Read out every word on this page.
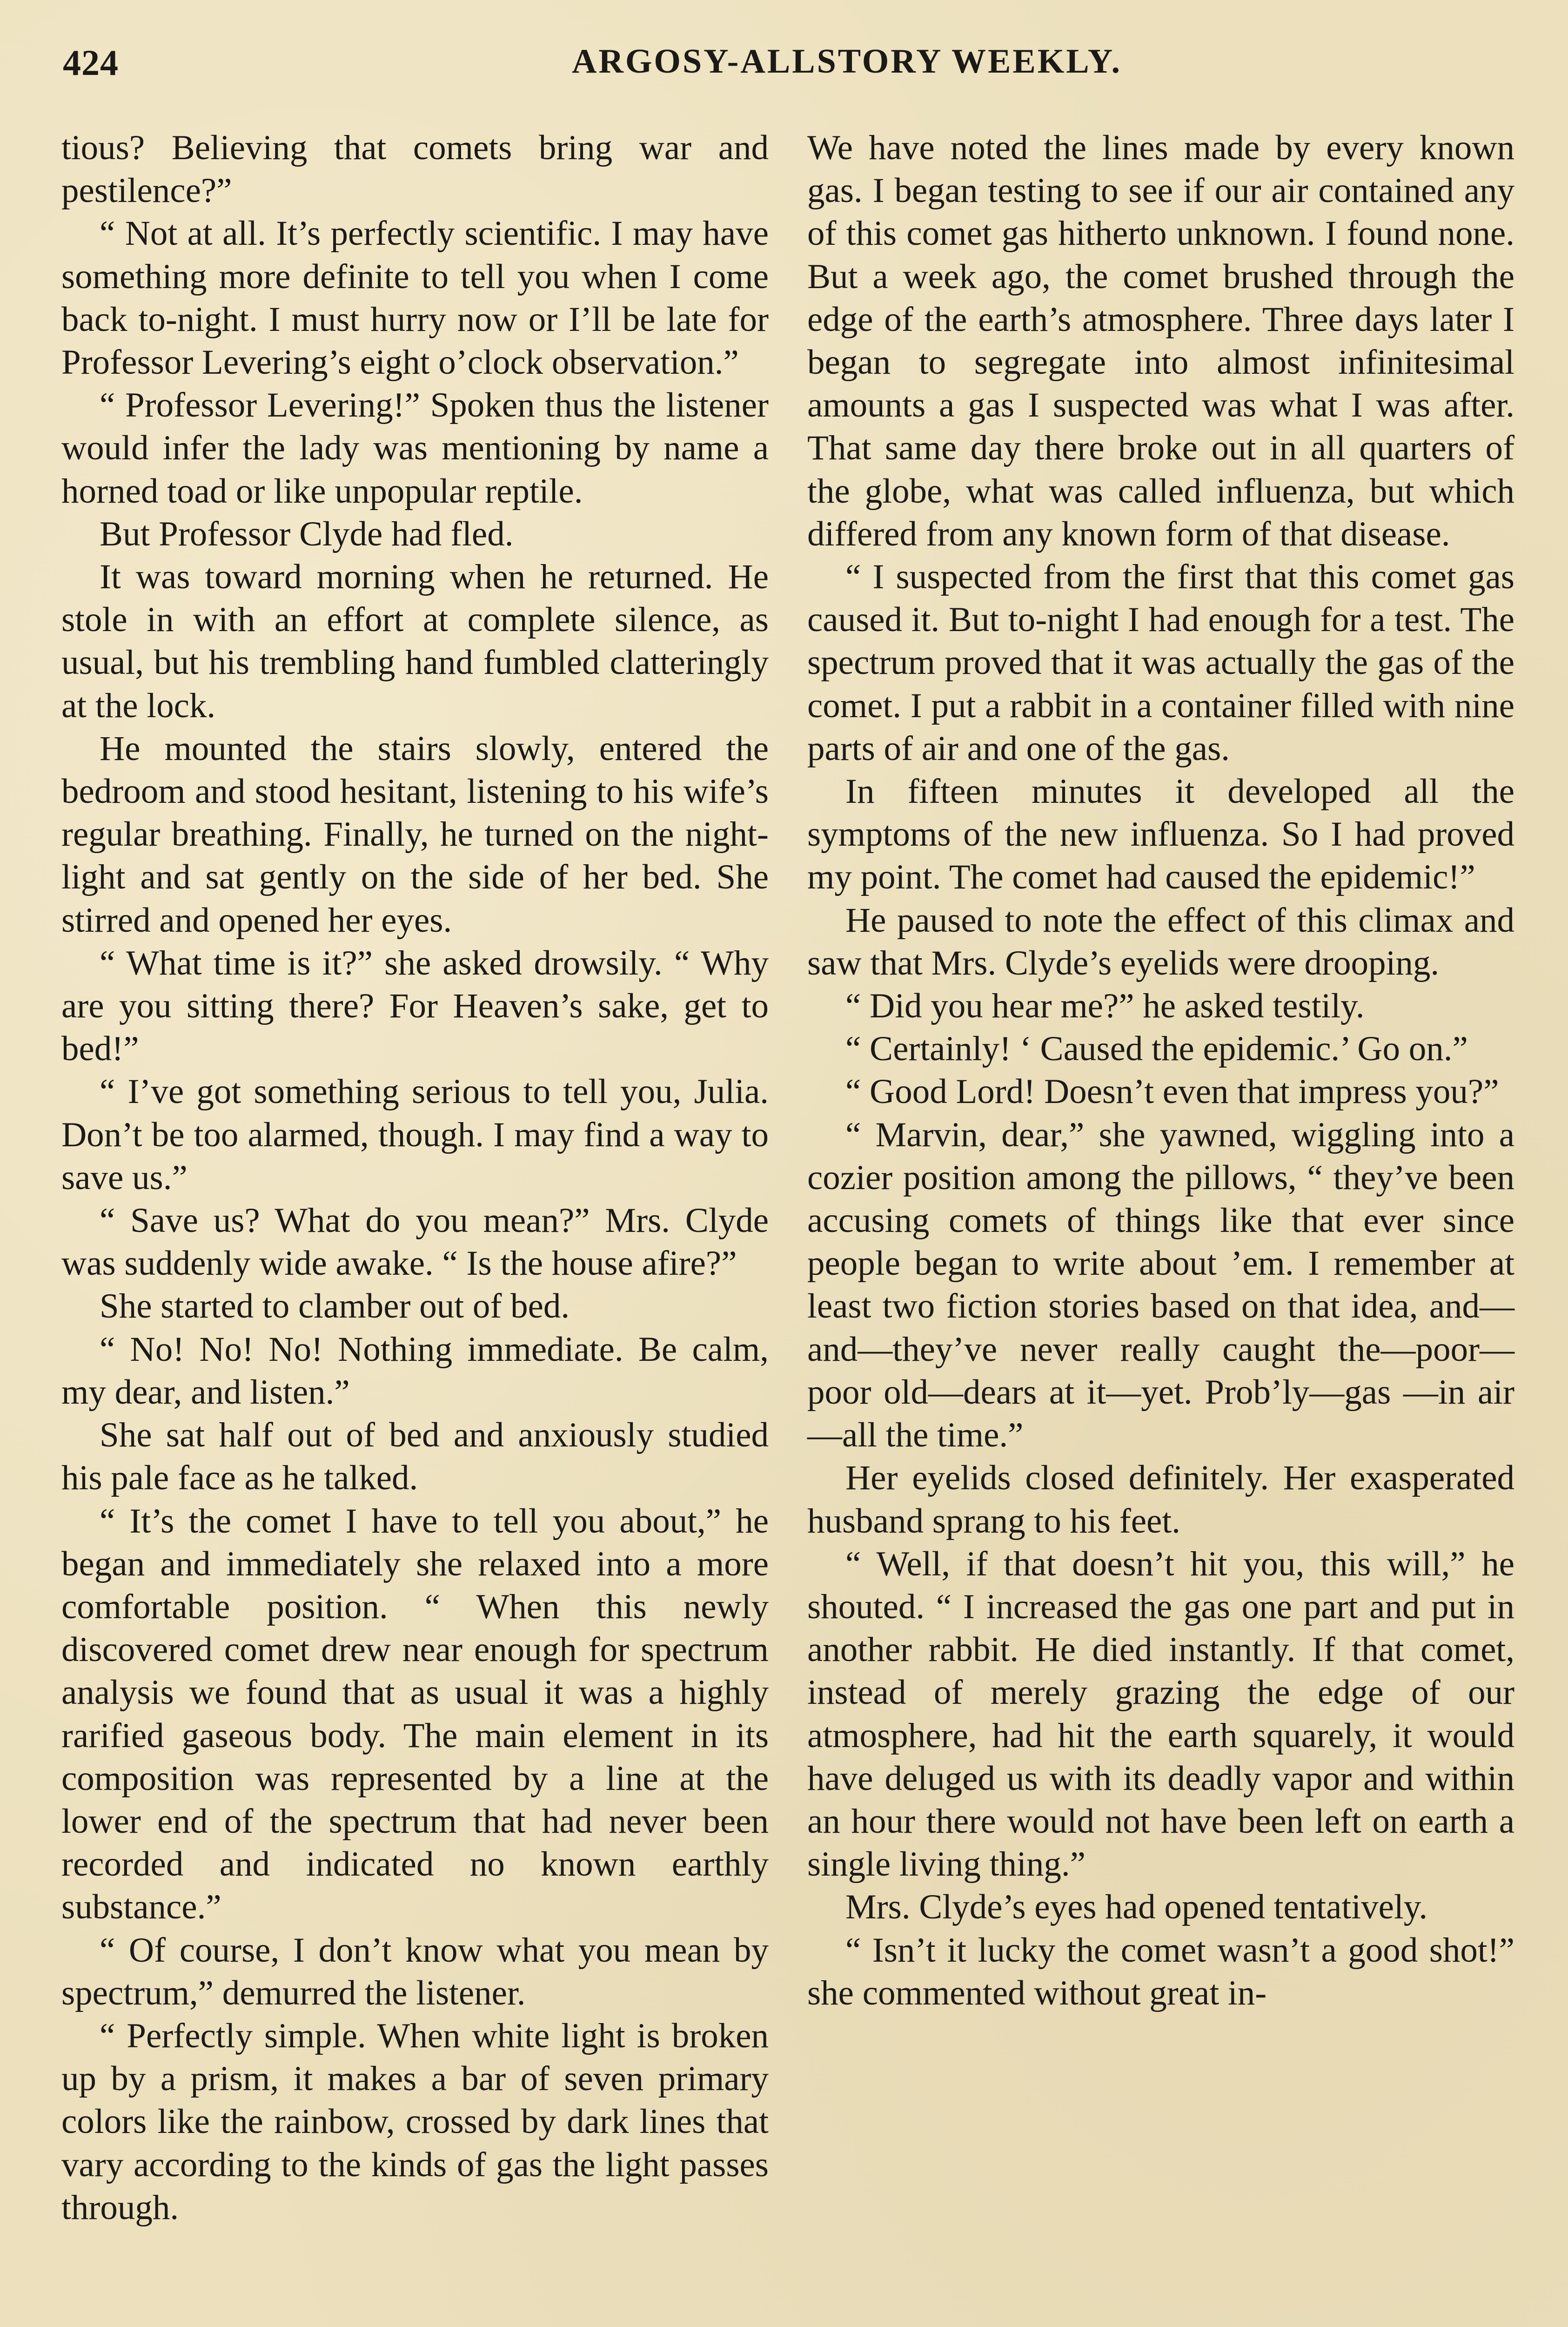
424	ARGOSY-ALLSTORY WEEKLY.

tious? Believing that comets bring war and pestilence?”

“ Not at all. It’s perfectly scientific. I may have something more definite to tell you when I come back to-night. I must hurry now or I’ll be late for Professor Levering’s eight o’clock observation.”

“ Professor Levering!” Spoken thus the listener would infer the lady was mentioning by name a horned toad or like unpopular reptile.

But Professor Clyde had fled.

It was toward morning when he returned. He stole in with an effort at complete silence, as usual, but his trembling hand fumbled clatteringly at the lock.

He mounted the stairs slowly, entered the bedroom and stood hesitant, listening to his wife’s regular breathing. Finally, he turned on the night-light and sat gently on the side of her bed. She stirred and opened her eyes.

“ What time is it?” she asked drowsily. “ Why are you sitting there? For Heaven’s sake, get to bed!”

“ I’ve got something serious to tell you, Julia. Don’t be too alarmed, though. I may find a way to save us.”

“ Save us? What do you mean?” Mrs. Clyde was suddenly wide awake. “ Is the house afire?”

She started to clamber out of bed.

“ No! No! No! Nothing immediate. Be calm, my dear, and listen.”

She sat half out of bed and anxiously studied his pale face as he talked.

“ It’s the comet I have to tell you about,” he began and immediately she relaxed into a more comfortable position. “ When this newly discovered comet drew near enough for spectrum analysis we found that as usual it was a highly rarified gaseous body. The main element in its composition was represented by a line at the lower end of the spectrum that had never been recorded and indicated no known earthly substance.”

“ Of course, I don’t know what you mean by spectrum,” demurred the listener.

“ Perfectly simple. When white light is broken up by a prism, it makes a bar of seven primary colors like the rainbow, crossed by dark lines that vary according to the kinds of gas the light passes through.

We have noted the lines made by every known gas. I began testing to see if our air contained any of this comet gas hitherto unknown. I found none. But a week ago, the comet brushed through the edge of the earth’s atmosphere. Three days later I began to segregate into almost infinitesimal amounts a gas I suspected was what I was after. That same day there broke out in all quarters of the globe, what was called influenza, but which differed from any known form of that disease.

“ I suspected from the first that this comet gas caused it. But to-night I had enough for a test. The spectrum proved that it was actually the gas of the comet. I put a rabbit in a container filled with nine parts of air and one of the gas.

In fifteen minutes it developed all the symptoms of the new influenza. So I had proved my point. The comet had caused the epidemic!”

He paused to note the effect of this climax and saw that Mrs. Clyde’s eyelids were drooping.

“ Did you hear me?” he asked testily.

“ Certainly! ‘ Caused the epidemic.’ Go on.”

“ Good Lord! Doesn’t even that impress you?”

“ Marvin, dear,” she yawned, wiggling into a cozier position among the pillows, “ they’ve been accusing comets of things like that ever since people began to write about ’em. I remember at least two fiction stories based on that idea, and—and—they’ve never really caught the—poor—poor old—dears at it—yet. Prob’ly—gas —in air—all the time.”

Her eyelids closed definitely. Her exasperated husband sprang to his feet.

“ Well, if that doesn’t hit you, this will,” he shouted. “ I increased the gas one part and put in another rabbit. He died instantly. If that comet, instead of merely grazing the edge of our atmosphere, had hit the earth squarely, it would have deluged us with its deadly vapor and within an hour there would not have been left on earth a single living thing.”

Mrs. Clyde’s eyes had opened tentatively.

“ Isn’t it lucky the comet wasn’t a good shot!” she commented without great in-
